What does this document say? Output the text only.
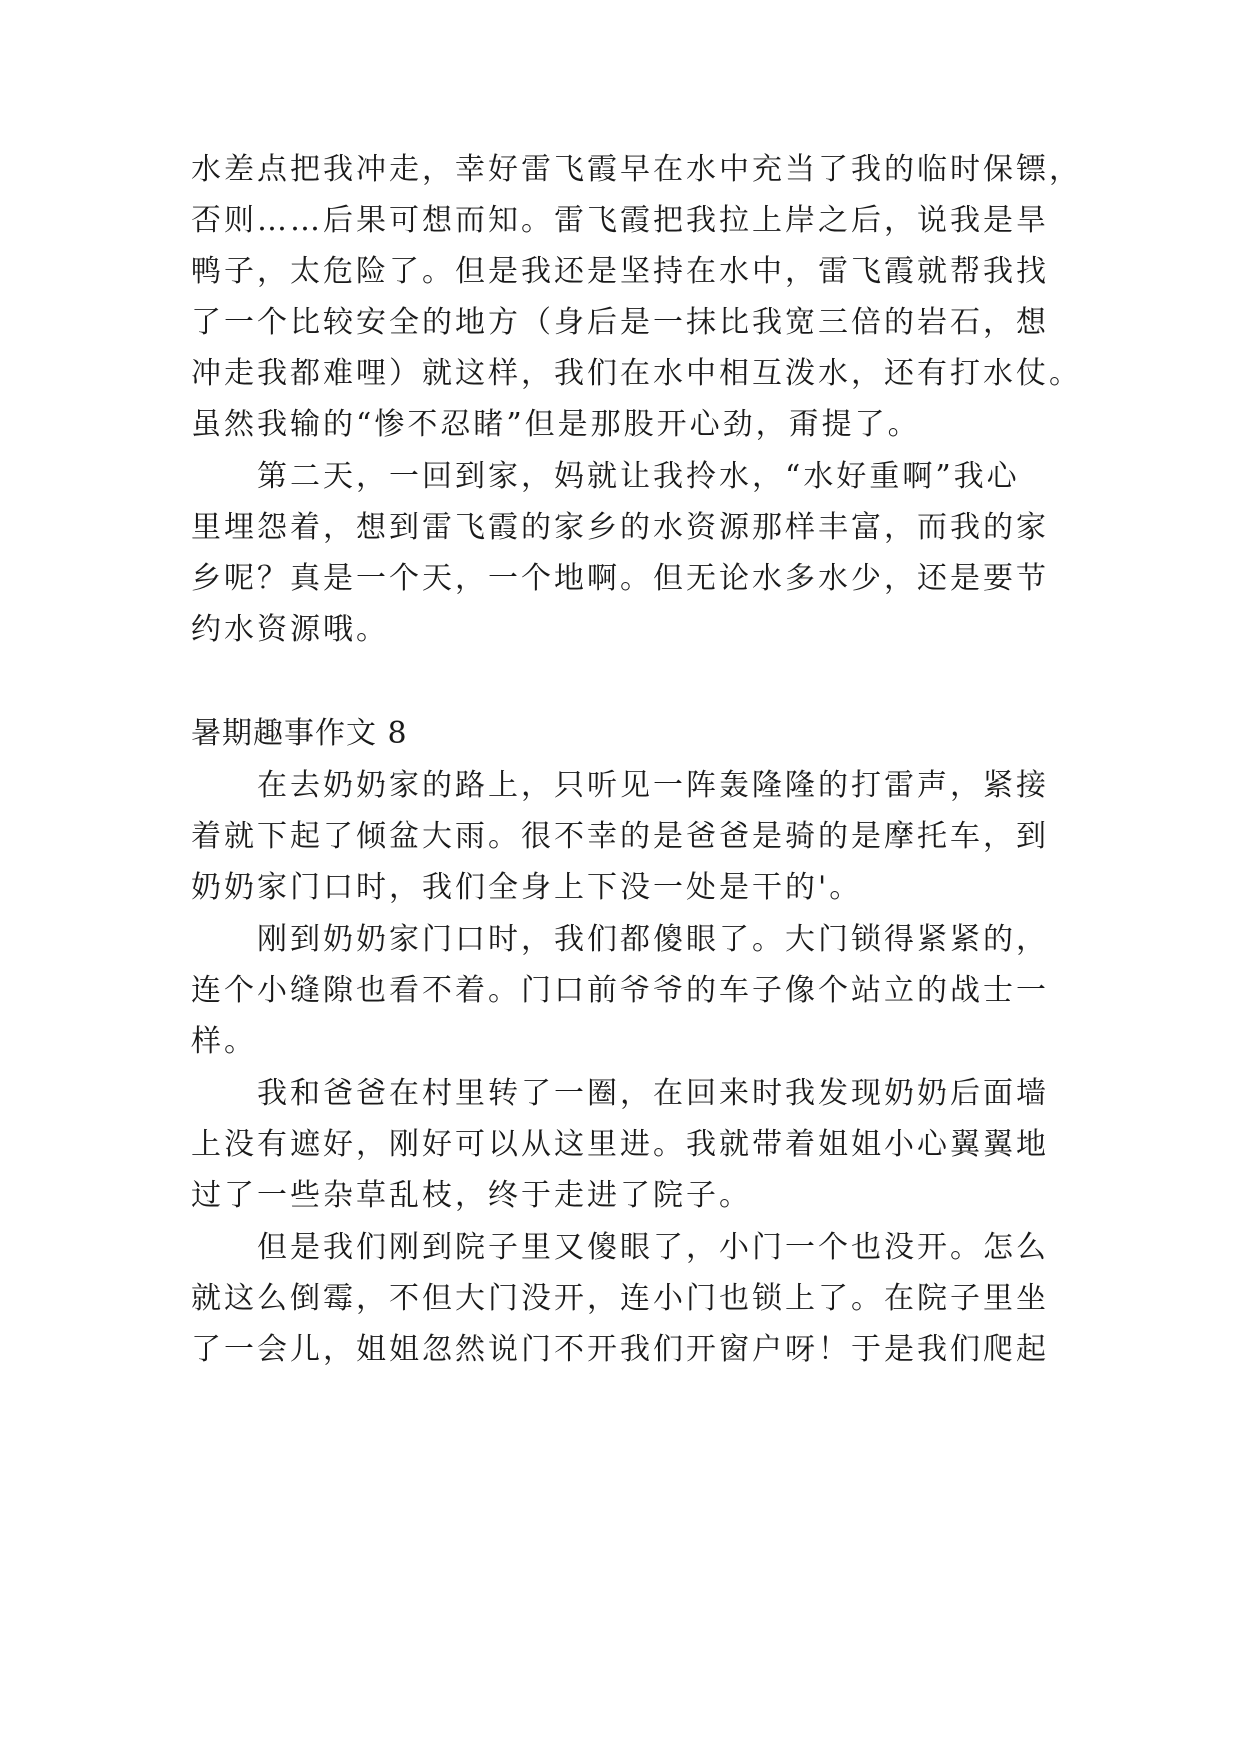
水差点把我冲走，幸好雷飞霞早在水中充当了我的临时保镖，
否则……后果可想而知。雷飞霞把我拉上岸之后，说我是旱
鸭子，太危险了。但是我还是坚持在水中，雷飞霞就帮我找
了一个比较安全的地方（身后是一抹比我宽三倍的岩石，想
冲走我都难哩）就这样，我们在水中相互泼水，还有打水仗。
虽然我输的“惨不忍睹”但是那股开心劲，甭提了。
第二天，一回到家，妈就让我拎水，“水好重啊”我心
里埋怨着，想到雷飞霞的家乡的水资源那样丰富，而我的家
乡呢？真是一个天，一个地啊。但无论水多水少，还是要节
约水资源哦。
暑期趣事作文 8
在去奶奶家的路上，只听见一阵轰隆隆的打雷声，紧接
着就下起了倾盆大雨。很不幸的是爸爸是骑的是摩托车，到
奶奶家门口时，我们全身上下没一处是干的'。
刚到奶奶家门口时，我们都傻眼了。大门锁得紧紧的，
连个小缝隙也看不着。门口前爷爷的车子像个站立的战士一
样。
我和爸爸在村里转了一圈，在回来时我发现奶奶后面墙
上没有遮好，刚好可以从这里进。我就带着姐姐小心翼翼地
过了一些杂草乱枝，终于走进了院子。
但是我们刚到院子里又傻眼了，小门一个也没开。怎么
就这么倒霉，不但大门没开，连小门也锁上了。在院子里坐
了一会儿，姐姐忽然说门不开我们开窗户呀！于是我们爬起
